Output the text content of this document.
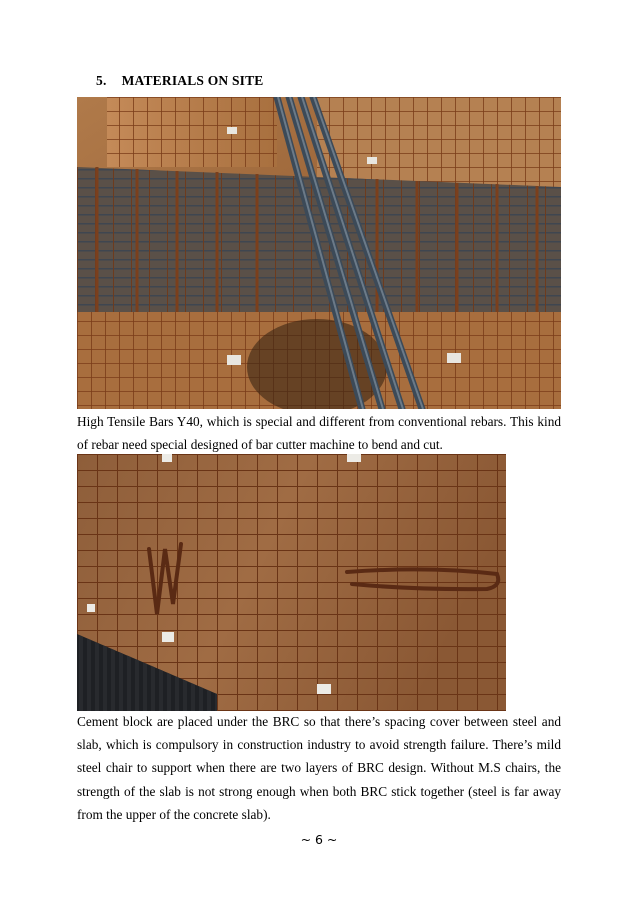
5. MATERIALS ON SITE
High Tensile Bars Y40, which is special and different from conventional rebars. This kind of rebar need special designed of bar cutter machine to bend and cut.
Cement block are placed under the BRC so that there’s spacing cover between steel and slab, which is compulsory in construction industry to avoid strength failure. There’s mild steel chair to support when there are two layers of BRC design. Without M.S chairs, the strength of the slab is not strong enough when both BRC stick together (steel is far away from the upper of the concrete slab).
~ 6 ~
